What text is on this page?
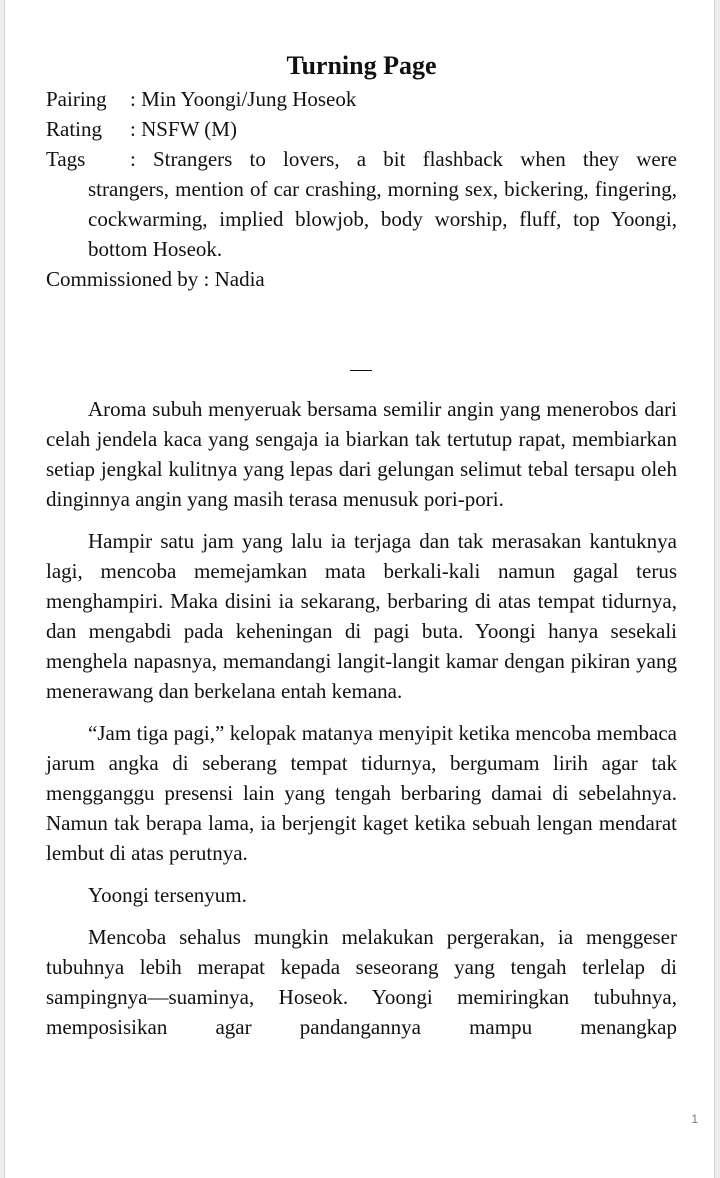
Turning Page
Pairing	: Min Yoongi/Jung Hoseok
Rating	: NSFW (M)
Tags	: Strangers to lovers, a bit flashback when they were
strangers, mention of car crashing, morning sex, bickering, fingering, cockwarming, implied blowjob, body worship, fluff, top Yoongi, bottom Hoseok.
Commissioned by : Nadia

Aroma subuh menyeruak bersama semilir angin yang menerobos dari celah jendela kaca yang sengaja ia biarkan tak tertutup rapat, membiarkan setiap jengkal kulitnya yang lepas dari gelungan selimut tebal tersapu oleh dinginnya angin yang masih terasa menusuk pori-pori.

Hampir satu jam yang lalu ia terjaga dan tak merasakan kantuknya lagi, mencoba memejamkan mata berkali-kali namun gagal terus menghampiri. Maka disini ia sekarang, berbaring di atas tempat tidurnya, dan mengabdi pada keheningan di pagi buta. Yoongi hanya sesekali menghela napasnya, memandangi langit-langit kamar dengan pikiran yang menerawang dan berkelana entah kemana.

“Jam tiga pagi,” kelopak matanya menyipit ketika mencoba membaca jarum angka di seberang tempat tidurnya, bergumam lirih agar tak mengganggu presensi lain yang tengah berbaring damai di sebelahnya. Namun tak berapa lama, ia berjengit kaget ketika sebuah lengan mendarat lembut di atas perutnya.

Yoongi tersenyum.

Mencoba sehalus mungkin melakukan pergerakan, ia menggeser tubuhnya lebih merapat kepada seseorang yang tengah terlelap di sampingnya—suaminya, Hoseok. Yoongi memiringkan tubuhnya, memposisikan agar pandangannya mampu menangkap

1
